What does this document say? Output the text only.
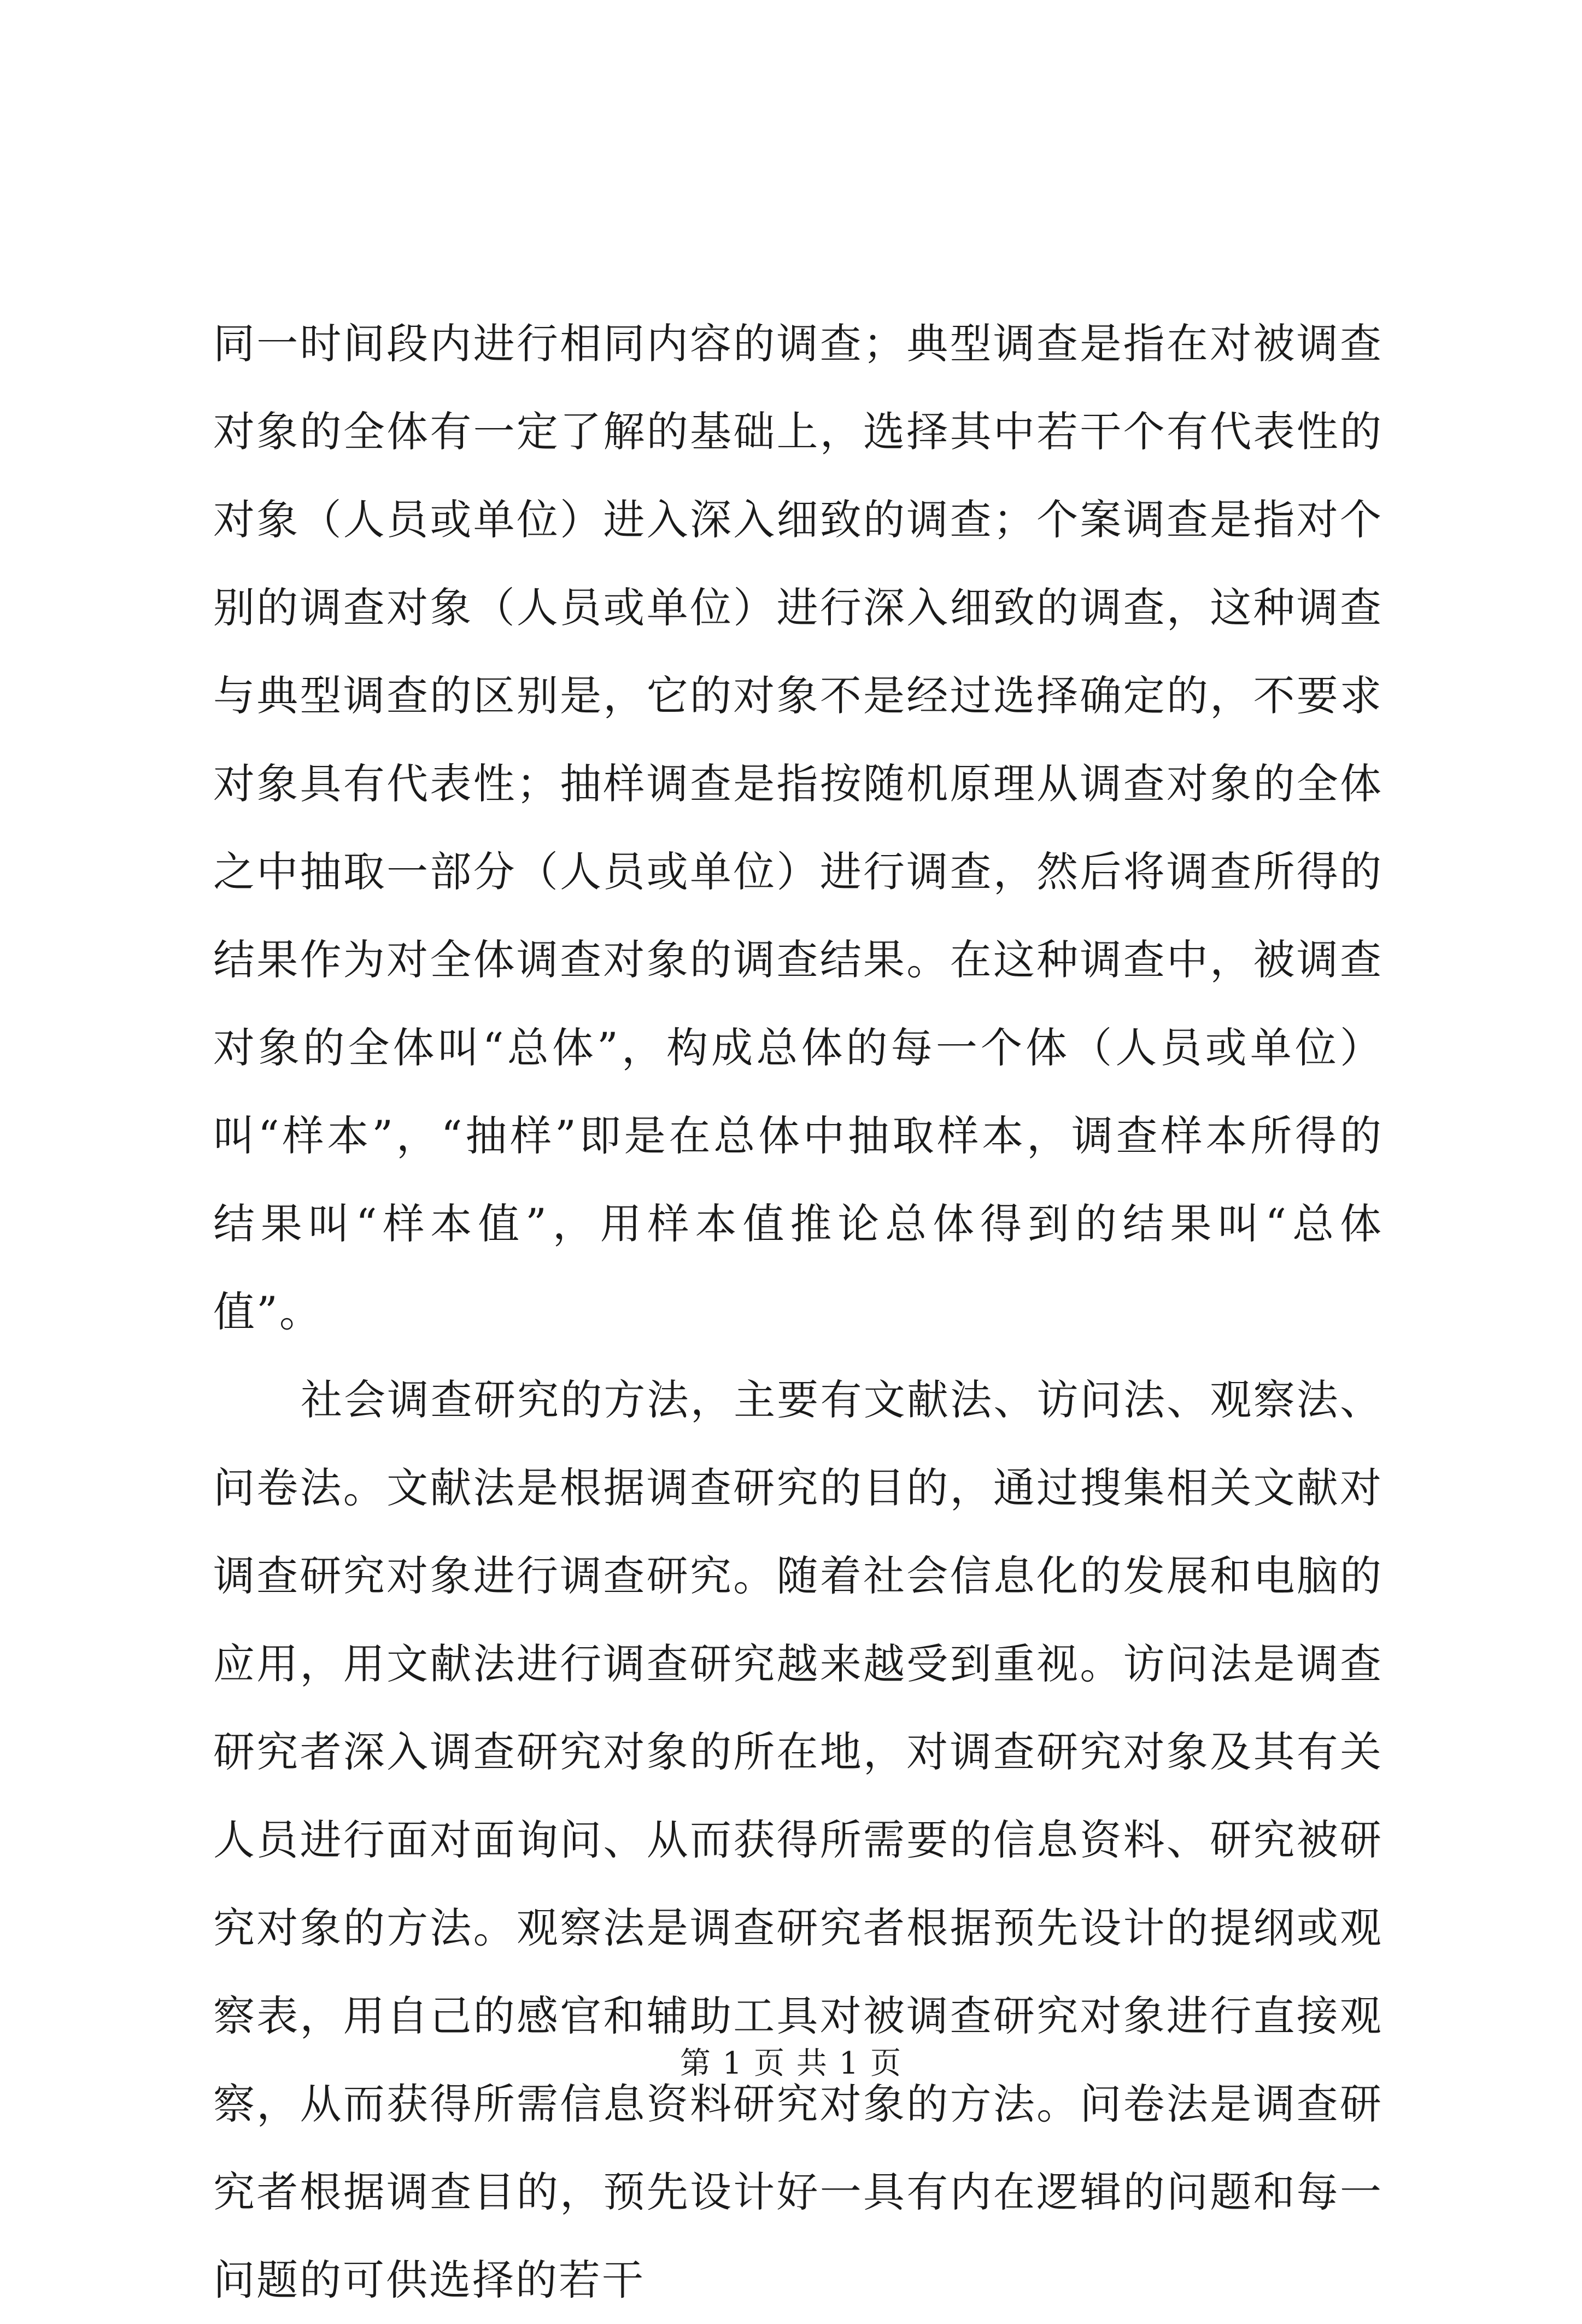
同一时间段内进行相同内容的调查；典型调查是指在对被调查对象的全体有一定了解的基础上，选择其中若干个有代表性的对象（人员或单位）进入深入细致的调查；个案调查是指对个别的调查对象（人员或单位）进行深入细致的调查，这种调查与典型调查的区别是，它的对象不是经过选择确定的，不要求对象具有代表性；抽样调查是指按随机原理从调查对象的全体之中抽取一部分（人员或单位）进行调查，然后将调查所得的结果作为对全体调查对象的调查结果。在这种调查中，被调查对象的全体叫“总体”，构成总体的每一个体（人员或单位）叫“样本”，“抽样”即是在总体中抽取样本，调查样本所得的结果叫“样本值”，用样本值推论总体得到的结果叫“总体值”。

社会调查研究的方法，主要有文献法、访问法、观察法、问卷法。文献法是根据调查研究的目的，通过搜集相关文献对调查研究对象进行调查研究。随着社会信息化的发展和电脑的应用，用文献法进行调查研究越来越受到重视。访问法是调查研究者深入调查研究对象的所在地，对调查研究对象及其有关人员进行面对面询问、从而获得所需要的信息资料、研究被研究对象的方法。观察法是调查研究者根据预先设计的提纲或观察表，用自己的感官和辅助工具对被调查研究对象进行直接观察，从而获得所需信息资料研究对象的方法。问卷法是调查研究者根据调查目的，预先设计好一具有内在逻辑的问题和每一问题的可供选择的若干

第 1 页 共 1 页
